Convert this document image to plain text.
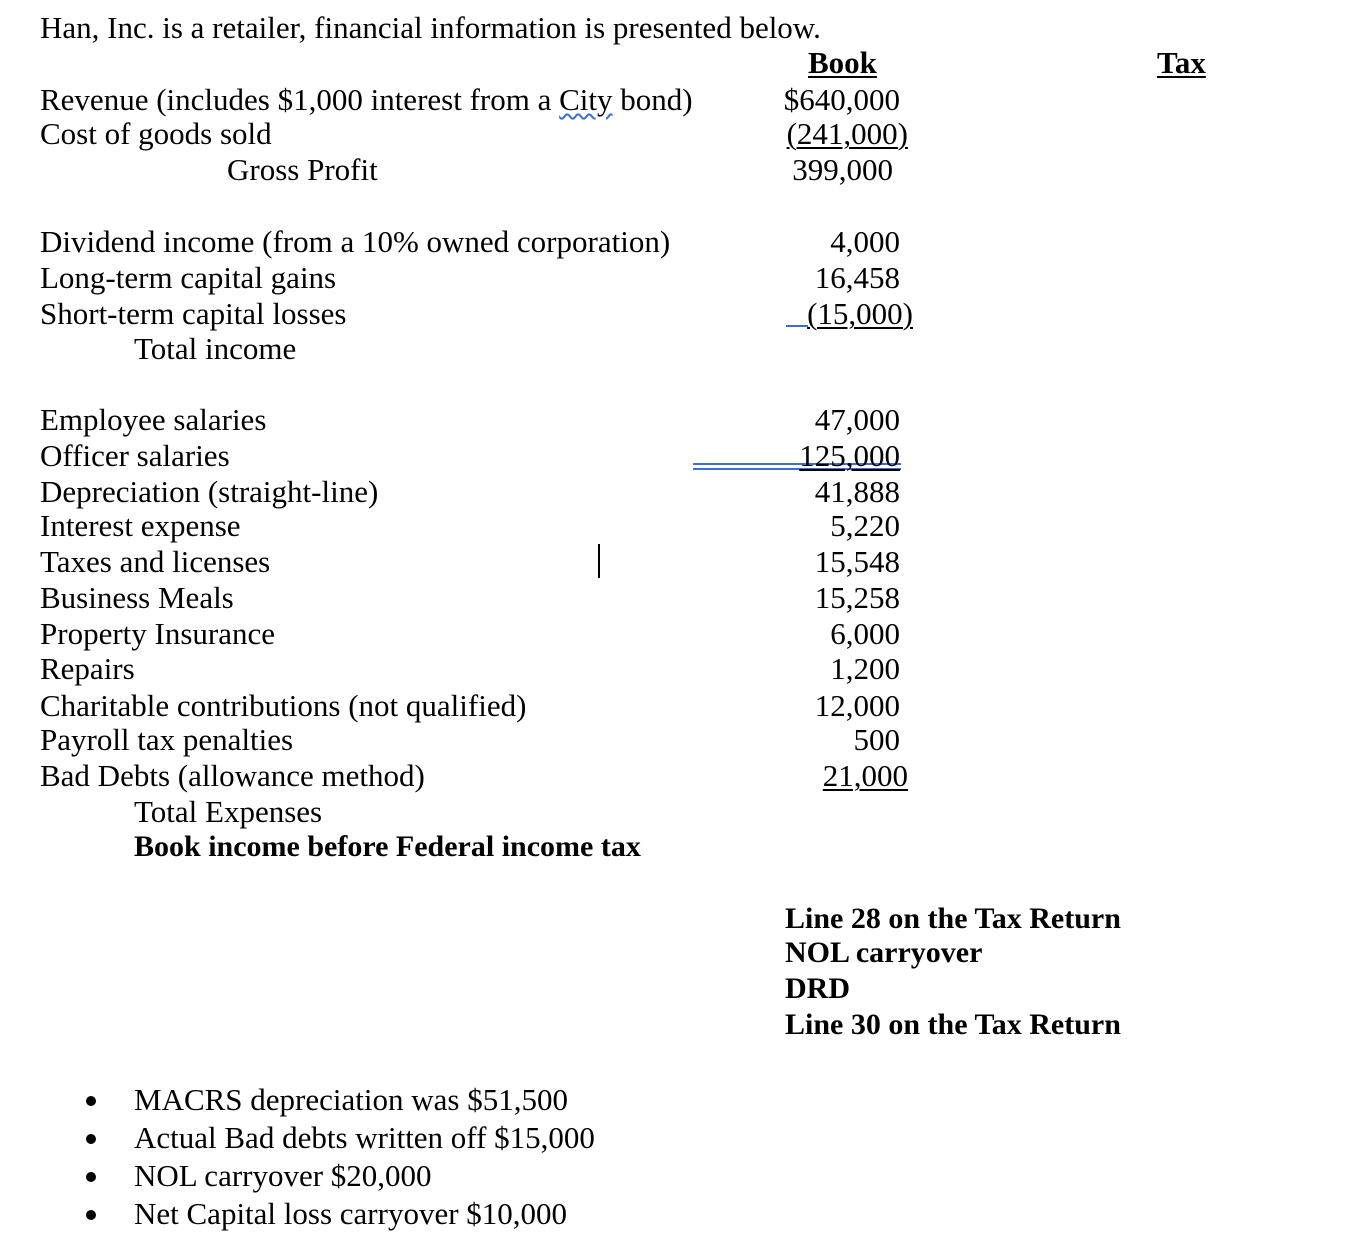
Han, Inc. is a retailer, financial information is presented below.
Book	Tax
Revenue (includes $1,000 interest from a City bond)	$640,000
Cost of goods sold	(241,000)
Gross Profit	399,000
Dividend income (from a 10% owned corporation)	4,000
Long-term capital gains	16,458
Short-term capital losses	(15,000)
Total income
Employee salaries	47,000
Officer salaries	125,000
Depreciation (straight-line)	41,888
Interest expense	5,220
Taxes and licenses	15,548
Business Meals	15,258
Property Insurance	6,000
Repairs	1,200
Charitable contributions (not qualified)	12,000
Payroll tax penalties	500
Bad Debts (allowance method)	21,000
Total Expenses
Book income before Federal income tax
Line 28 on the Tax Return
NOL carryover
DRD
Line 30 on the Tax Return
MACRS depreciation was $51,500
Actual Bad debts written off $15,000
NOL carryover $20,000
Net Capital loss carryover $10,000
